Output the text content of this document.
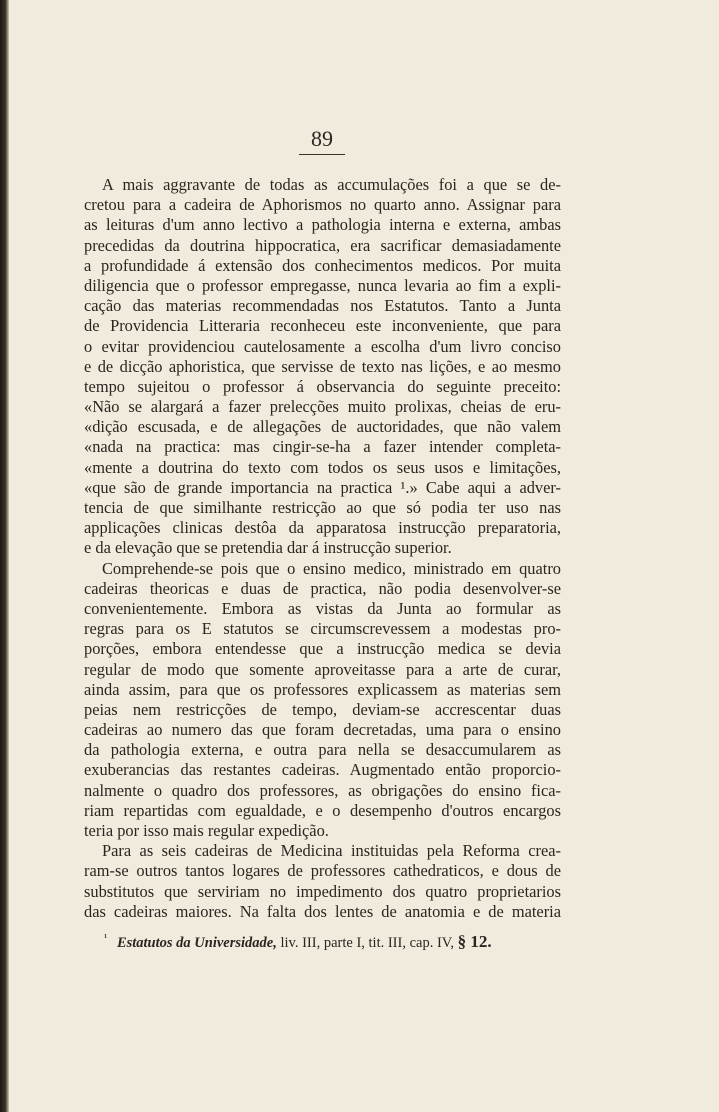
89
A mais aggravante de todas as accumulações foi a que se de-
cretou para a cadeira de Aphorismos no quarto anno. Assignar para
as leituras d'um anno lectivo a pathologia interna e externa, ambas
precedidas da doutrina hippocratica, era sacrificar demasiadamente
a profundidade á extensão dos conhecimentos medicos. Por muita
diligencia que o professor empregasse, nunca levaria ao fim a expli-
cação das materias recommendadas nos Estatutos. Tanto a Junta
de Providencia Litteraria reconheceu este inconveniente, que para
o evitar providenciou cautelosamente a escolha d'um livro conciso
e de dicção aphoristica, que servisse de texto nas lições, e ao mesmo
tempo sujeitou o professor á observancia do seguinte preceito:
«Não se alargará a fazer prelecções muito prolixas, cheias de eru-
«dição escusada, e de allegações de auctoridades, que não valem
«nada na practica: mas cingir-se-ha a fazer intender completa-
«mente a doutrina do texto com todos os seus usos e limitações,
«que são de grande importancia na practica ¹.» Cabe aqui a adver-
tencia de que similhante restricção ao que só podia ter uso nas
applicações clinicas destôa da apparatosa instrucção preparatoria,
e da elevação que se pretendia dar á instrucção superior.
Comprehende-se pois que o ensino medico, ministrado em quatro
cadeiras theoricas e duas de practica, não podia desenvolver-se
convenientemente. Embora as vistas da Junta ao formular as
regras para os E statutos se circumscrevessem a modestas pro-
porções, embora entendesse que a instrucção medica se devia
regular de modo que somente aproveitasse para a arte de curar,
ainda assim, para que os professores explicassem as materias sem
peias nem restricções de tempo, deviam-se accrescentar duas
cadeiras ao numero das que foram decretadas, uma para o ensino
da pathologia externa, e outra para nella se desaccumularem as
exuberancias das restantes cadeiras. Augmentado então proporcio-
nalmente o quadro dos professores, as obrigações do ensino fica-
riam repartidas com egualdade, e o desempenho d'outros encargos
teria por isso mais regular expedição.
Para as seis cadeiras de Medicina instituidas pela Reforma crea-
ram-se outros tantos logares de professores cathedraticos, e dous de
substitutos que serviriam no impedimento dos quatro proprietarios
das cadeiras maiores. Na falta dos lentes de anatomia e de materia
$^{^1}$ Estatutos da Universidade, liv. III, parte I, tit. III, cap. IV, § 12.
